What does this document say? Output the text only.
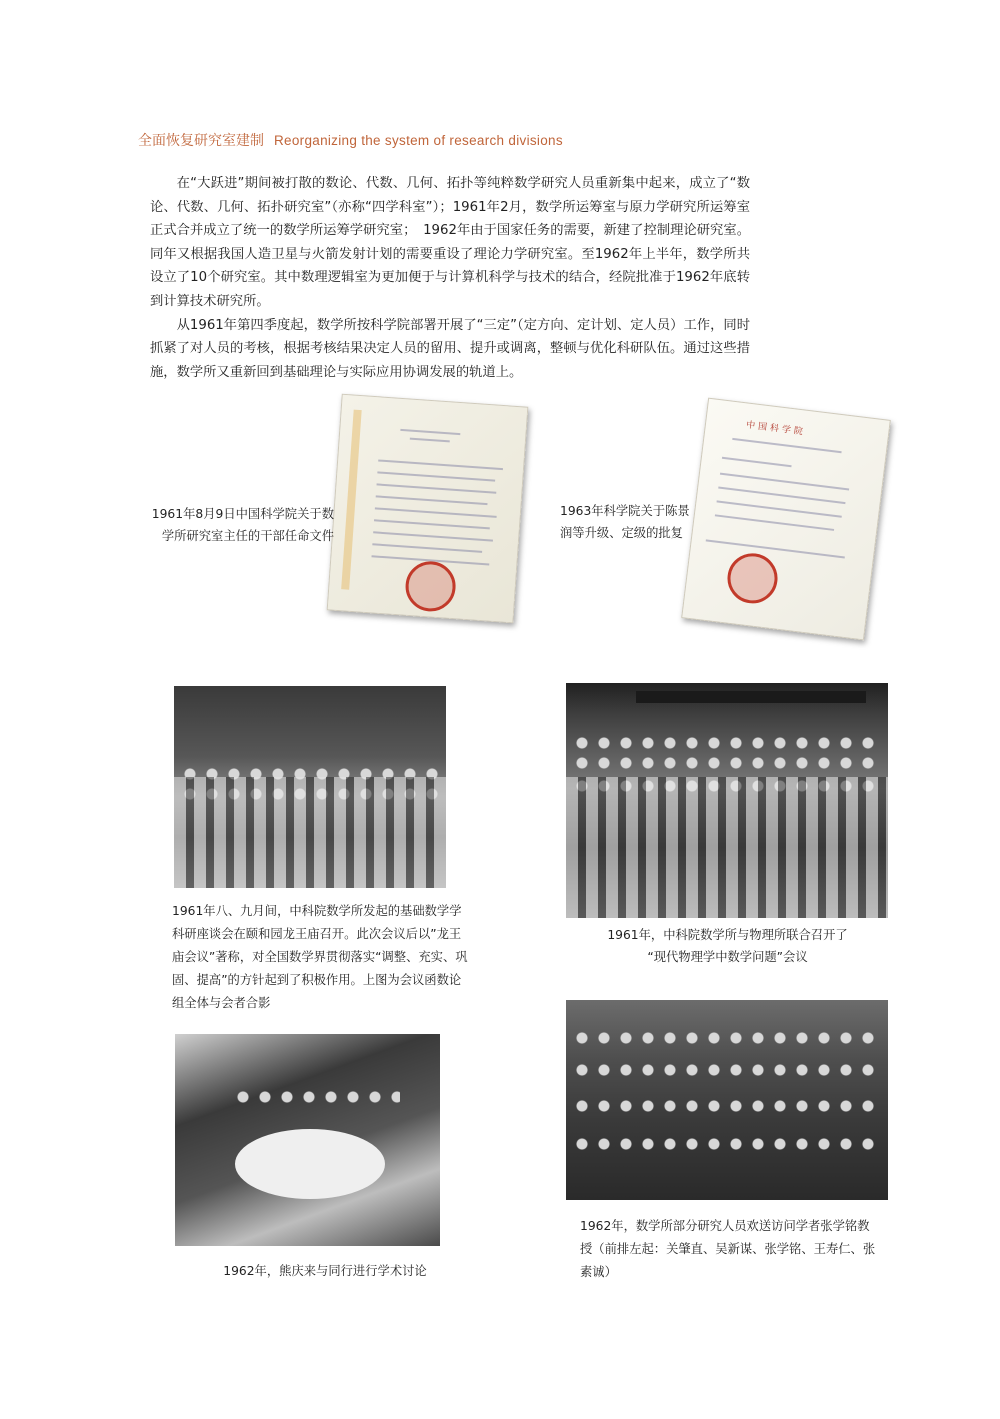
全面恢复研究室建制 Reorganizing the system of research divisions

在“大跃进”期间被打散的数论、代数、几何、拓扑等纯粹数学研究人员重新集中起来，成立了“数论、代数、几何、拓扑研究室”（亦称“四学科室”）；1961年2月，数学所运筹室与原力学研究所运筹室正式合并成立了统一的数学所运筹学研究室；　1962年由于国家任务的需要，新建了控制理论研究室。同年又根据我国人造卫星与火箭发射计划的需要重设了理论力学研究室。至1962年上半年，数学所共设立了10个研究室。其中数理逻辑室为更加便于与计算机科学与技术的结合，经院批准于1962年底转到计算技术研究所。

从1961年第四季度起，数学所按科学院部署开展了“三定”（定方向、定计划、定人员）工作，同时抓紧了对人员的考核，根据考核结果决定人员的留用、提升或调离，整顿与优化科研队伍。通过这些措施，数学所又重新回到基础理论与实际应用协调发展的轨道上。

中国科学院
1961年8月9日中国科学院关于数学所研究室主任的干部任命文件
1963年科学院关于陈景润等升级、定级的批复
1961年八、九月间，中科院数学所发起的基础数学学科研座谈会在颐和园龙王庙召开。此次会议后以”龙王庙会议”著称，对全国数学界贯彻落实“调整、充实、巩固、提高”的方针起到了积极作用。上图为会议函数论组全体与会者合影
1961年，中科院数学所与物理所联合召开了
“现代物理学中数学问题”会议
1962年，熊庆来与同行进行学术讨论
1962年，数学所部分研究人员欢送访问学者张学铭教授（前排左起：关肇直、吴新谋、张学铭、王寿仁、张素诚）
